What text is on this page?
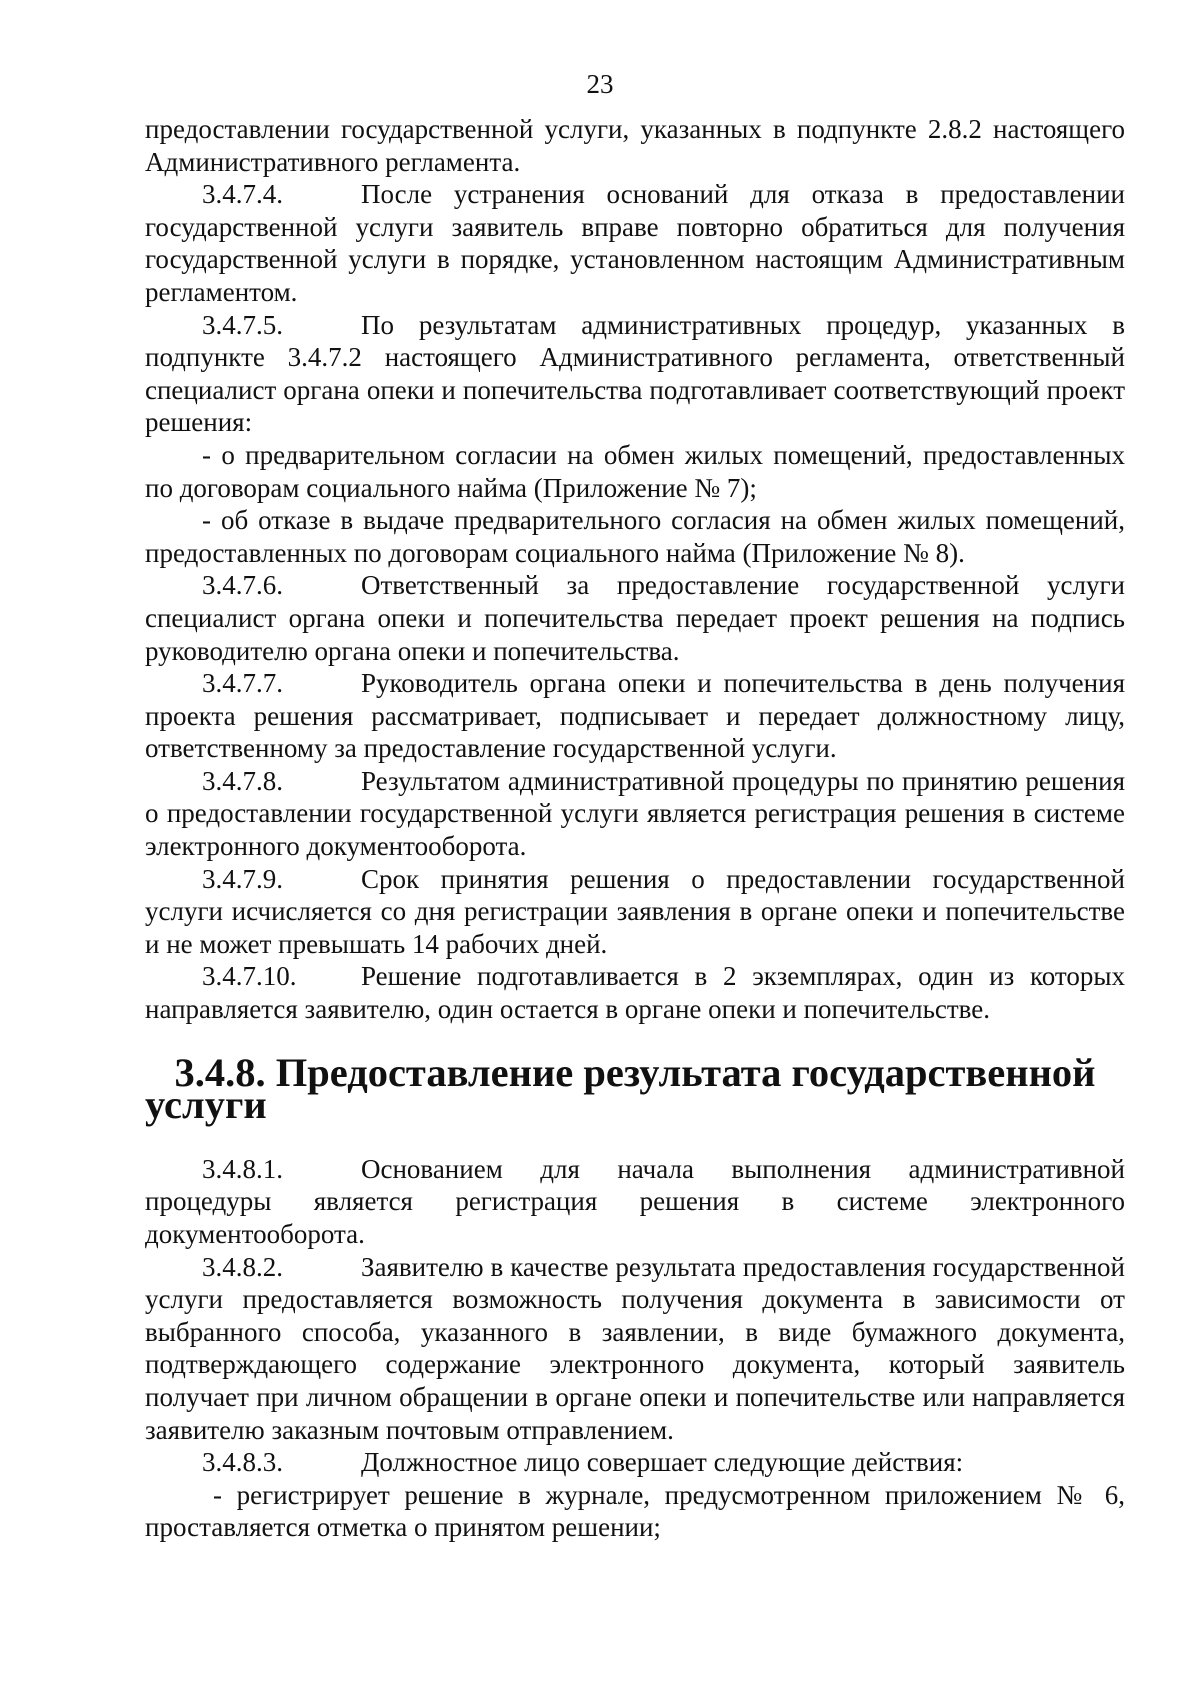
23

предоставлении государственной услуги, указанных в подпункте 2.8.2 настоящего Административного регламента.

3.4.7.4.	После устранения оснований для отказа в предоставлении государственной услуги заявитель вправе повторно обратиться для получения государственной услуги в порядке, установленном настоящим Административным регламентом.

3.4.7.5.	По результатам административных процедур, указанных в подпункте 3.4.7.2 настоящего Административного регламента, ответственный специалист органа опеки и попечительства подготавливает соответствующий проект решения:

- о предварительном согласии на обмен жилых помещений, предоставленных по договорам социального найма (Приложение № 7);

- об отказе в выдаче предварительного согласия на обмен жилых помещений, предоставленных по договорам социального найма (Приложение № 8).

3.4.7.6.	Ответственный за предоставление государственной услуги специалист органа опеки и попечительства передает проект решения на подпись руководителю органа опеки и попечительства.

3.4.7.7.	Руководитель органа опеки и попечительства в день получения проекта решения рассматривает, подписывает и передает должностному лицу, ответственному за предоставление государственной услуги.

3.4.7.8.	Результатом административной процедуры по принятию решения о предоставлении государственной услуги является регистрация решения в системе электронного документооборота.

3.4.7.9.	Срок принятия решения о предоставлении государственной услуги исчисляется со дня регистрации заявления в органе опеки и попечительстве и не может превышать 14 рабочих дней.

3.4.7.10. Решение подготавливается в 2 экземплярах, один из которых направляется заявителю, один остается в органе опеки и попечительстве.

3.4.8. Предоставление результата государственной услуги

3.4.8.1.	Основанием для начала выполнения административной процедуры является регистрация решения в системе электронного документооборота.

3.4.8.2.	Заявителю в качестве результата предоставления государственной услуги предоставляется возможность получения документа в зависимости от выбранного способа, указанного в заявлении, в виде бумажного документа, подтверждающего содержание электронного документа, который заявитель получает при личном обращении в органе опеки и попечительстве или направляется заявителю заказным почтовым отправлением.

3.4.8.3.	Должностное лицо совершает следующие действия:

- регистрирует решение в журнале, предусмотренном приложением № 6, проставляется отметка о принятом решении;
